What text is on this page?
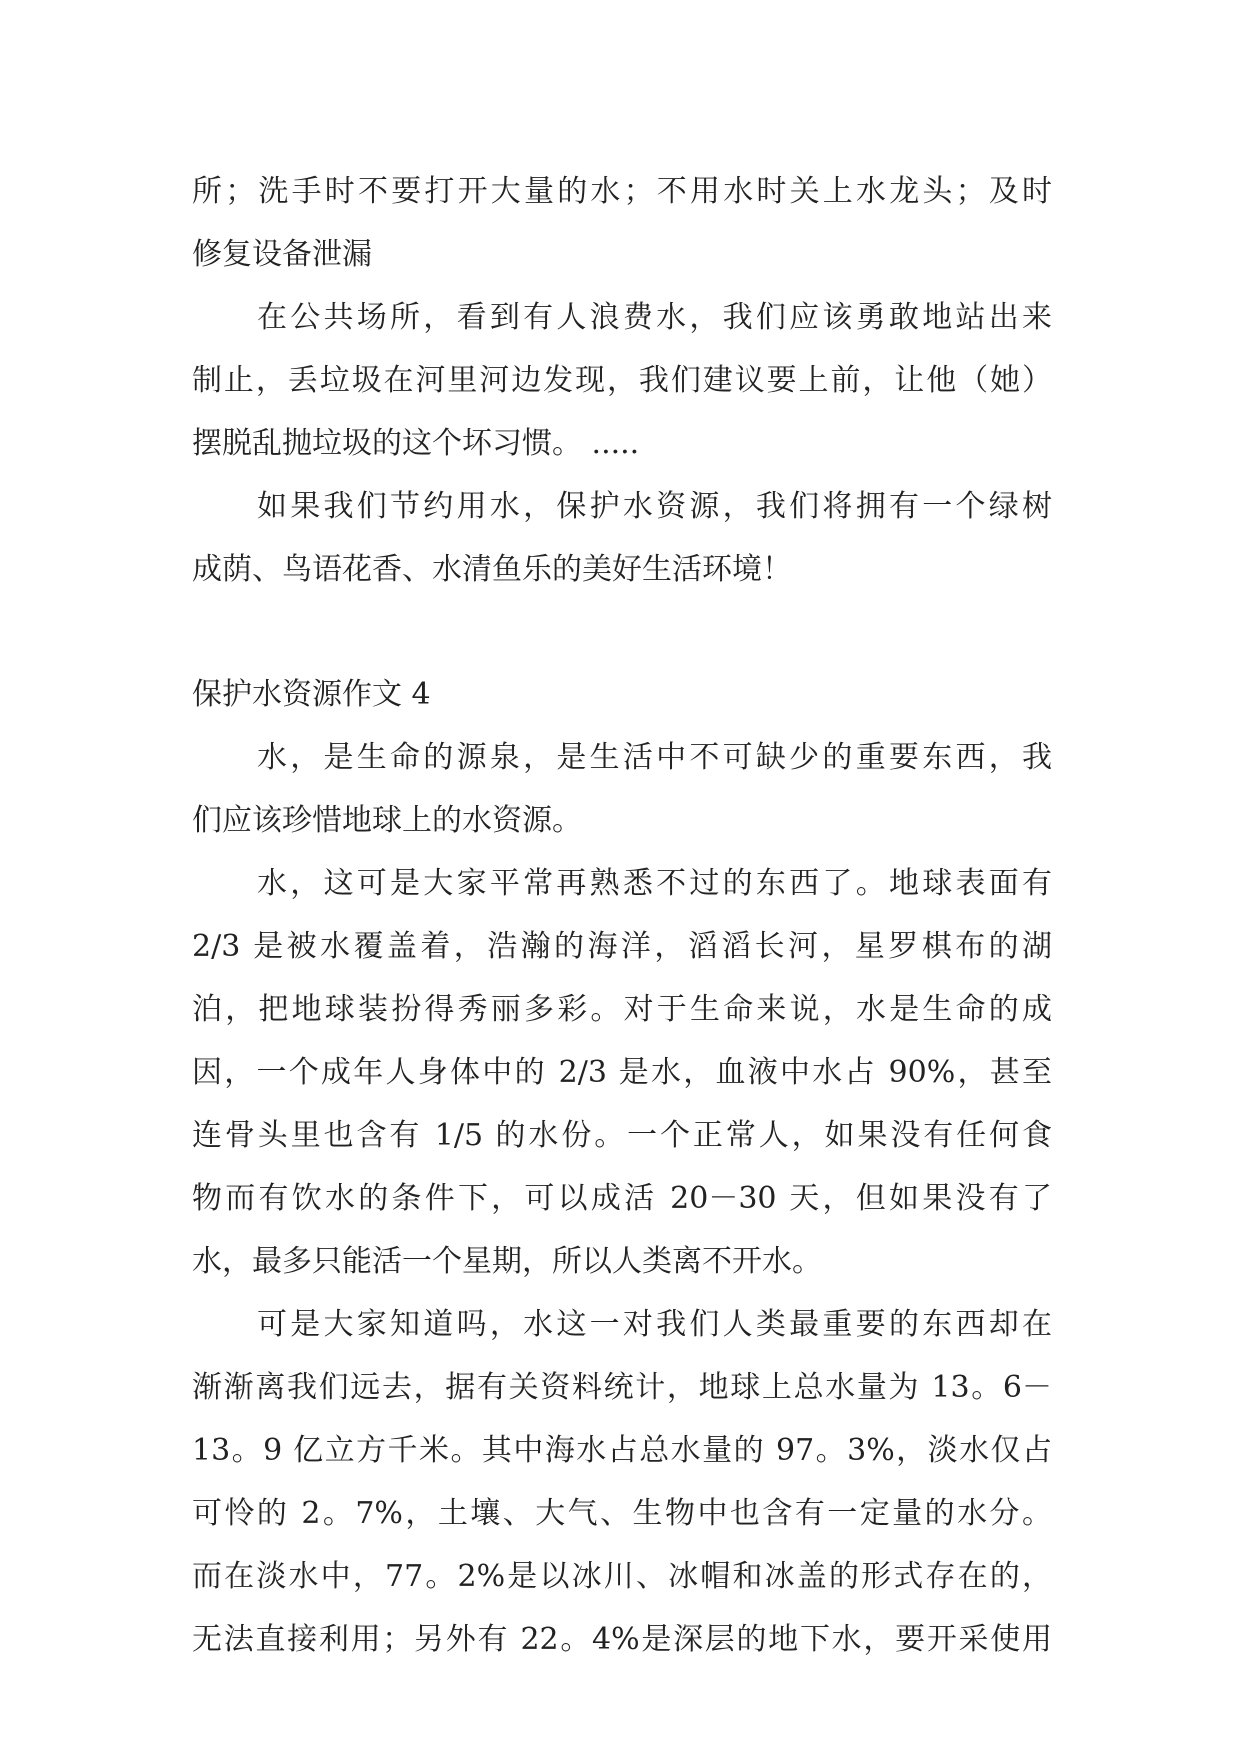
所；洗手时不要打开大量的水；不用水时关上水龙头；及时
修复设备泄漏
在公共场所，看到有人浪费水，我们应该勇敢地站出来
制止，丢垃圾在河里河边发现，我们建议要上前，让他（她）
摆脱乱抛垃圾的这个坏习惯。 .....
如果我们节约用水，保护水资源，我们将拥有一个绿树
成荫、鸟语花香、水清鱼乐的美好生活环境！
保护水资源作文 4
水，是生命的源泉，是生活中不可缺少的重要东西，我
们应该珍惜地球上的水资源。
水，这可是大家平常再熟悉不过的东西了。地球表面有
2/3 是被水覆盖着，浩瀚的海洋，滔滔长河，星罗棋布的湖
泊，把地球装扮得秀丽多彩。对于生命来说，水是生命的成
因，一个成年人身体中的 2/3 是水，血液中水占 90%，甚至
连骨头里也含有 1/5 的水份。一个正常人，如果没有任何食
物而有饮水的条件下，可以成活 20－30 天，但如果没有了
水，最多只能活一个星期，所以人类离不开水。
可是大家知道吗，水这一对我们人类最重要的东西却在
渐渐离我们远去，据有关资料统计，地球上总水量为 13。6－
13。9 亿立方千米。其中海水占总水量的 97。3%，淡水仅占
可怜的 2。7%，土壤、大气、生物中也含有一定量的水分。
而在淡水中，77。2%是以冰川、冰帽和冰盖的形式存在的，
无法直接利用；另外有 22。4%是深层的地下水，要开采使用
